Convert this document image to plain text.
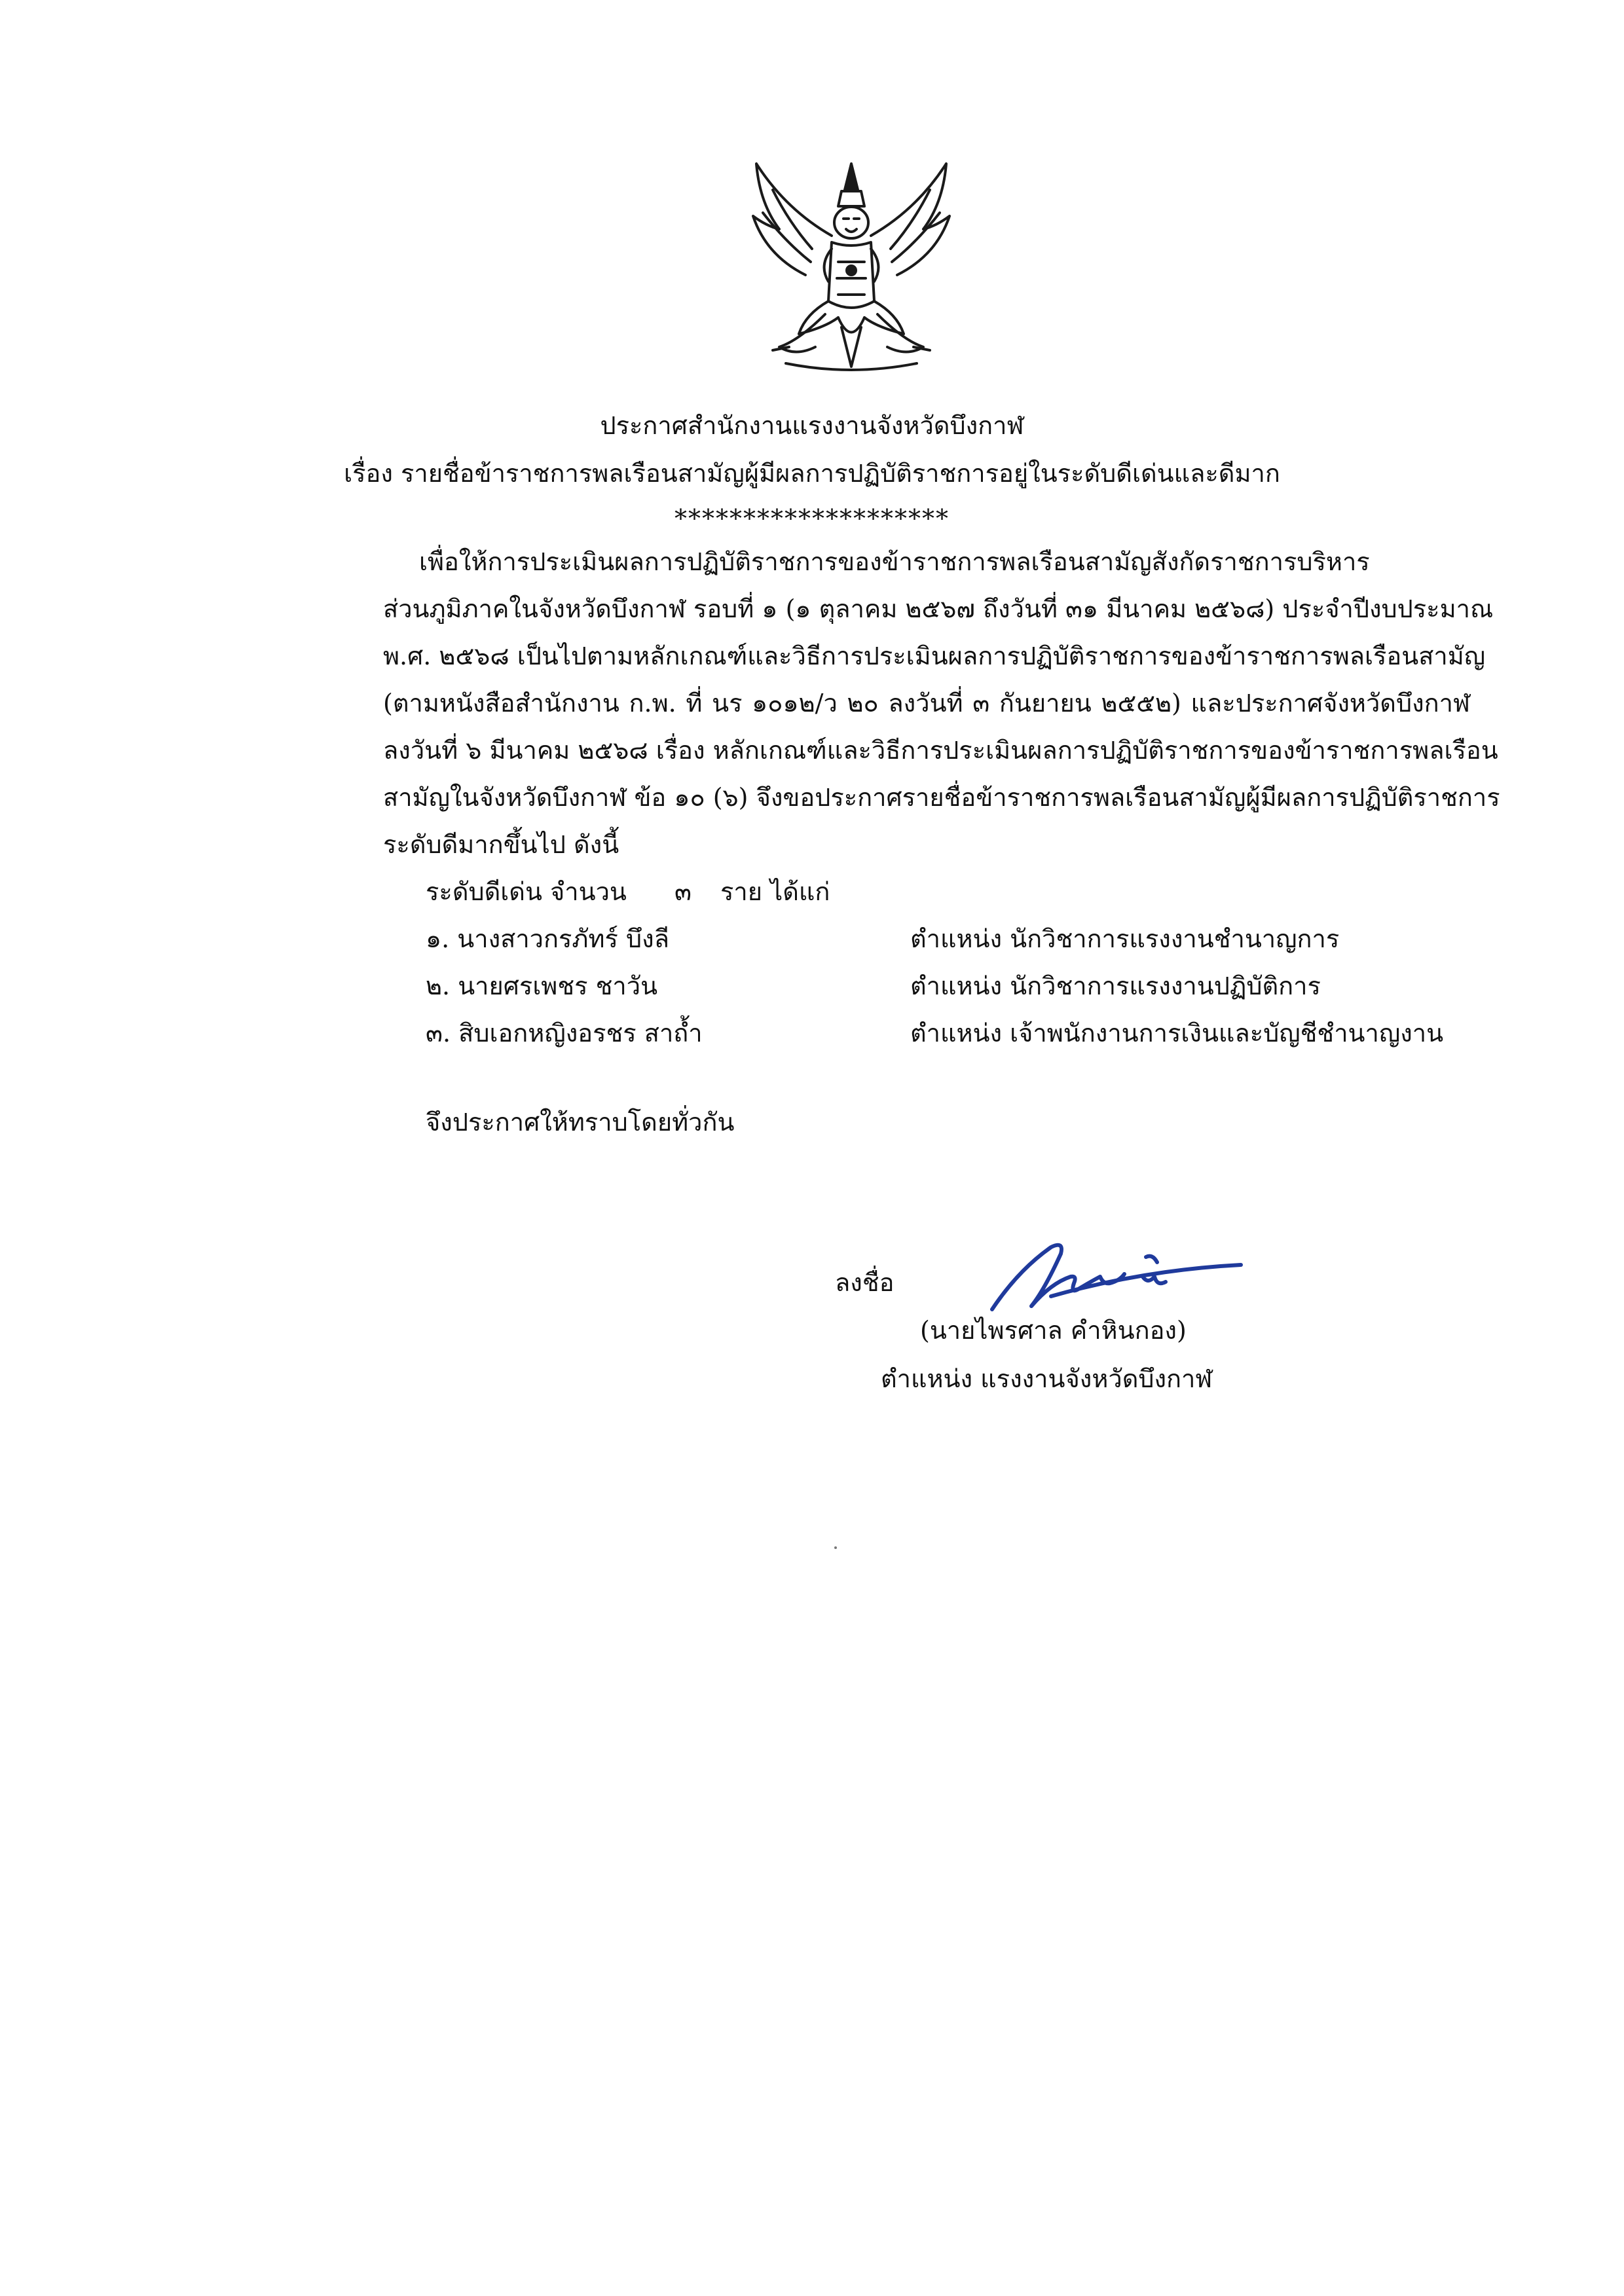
ประกาศสำนักงานแรงงานจังหวัดบึงกาฬ
เรื่อง รายชื่อข้าราชการพลเรือนสามัญผู้มีผลการปฏิบัติราชการอยู่ในระดับดีเด่นและดีมาก
********************
เพื่อให้การประเมินผลการปฏิบัติราชการของข้าราชการพลเรือนสามัญสังกัดราชการบริหาร
ส่วนภูมิภาคในจังหวัดบึงกาฬ รอบที่ ๑ (๑ ตุลาคม ๒๕๖๗ ถึงวันที่ ๓๑ มีนาคม ๒๕๖๘) ประจำปีงบประมาณ
พ.ศ. ๒๕๖๘ เป็นไปตามหลักเกณฑ์และวิธีการประเมินผลการปฏิบัติราชการของข้าราชการพลเรือนสามัญ
(ตามหนังสือสำนักงาน ก.พ. ที่ นร ๑๐๑๒/ว ๒๐ ลงวันที่ ๓ กันยายน ๒๕๕๒) และประกาศจังหวัดบึงกาฬ
ลงวันที่ ๖ มีนาคม ๒๕๖๘ เรื่อง หลักเกณฑ์และวิธีการประเมินผลการปฏิบัติราชการของข้าราชการพลเรือน
สามัญในจังหวัดบึงกาฬ ข้อ ๑๐ (๖) จึงขอประกาศรายชื่อข้าราชการพลเรือนสามัญผู้มีผลการปฏิบัติราชการ
ระดับดีมากขึ้นไป ดังนี้
ระดับดีเด่น จำนวน ๓ ราย ได้แก่
๑. นางสาวกรภัทร์ บึงลี	ตำแหน่ง นักวิชาการแรงงานชำนาญการ
๒. นายศรเพชร ชาวัน	ตำแหน่ง นักวิชาการแรงงานปฏิบัติการ
๓. สิบเอกหญิงอรชร สาถ้ำ	ตำแหน่ง เจ้าพนักงานการเงินและบัญชีชำนาญงาน
จึงประกาศให้ทราบโดยทั่วกัน
ลงชื่อ
(นายไพรศาล คำหินกอง)
ตำแหน่ง แรงงานจังหวัดบึงกาฬ
